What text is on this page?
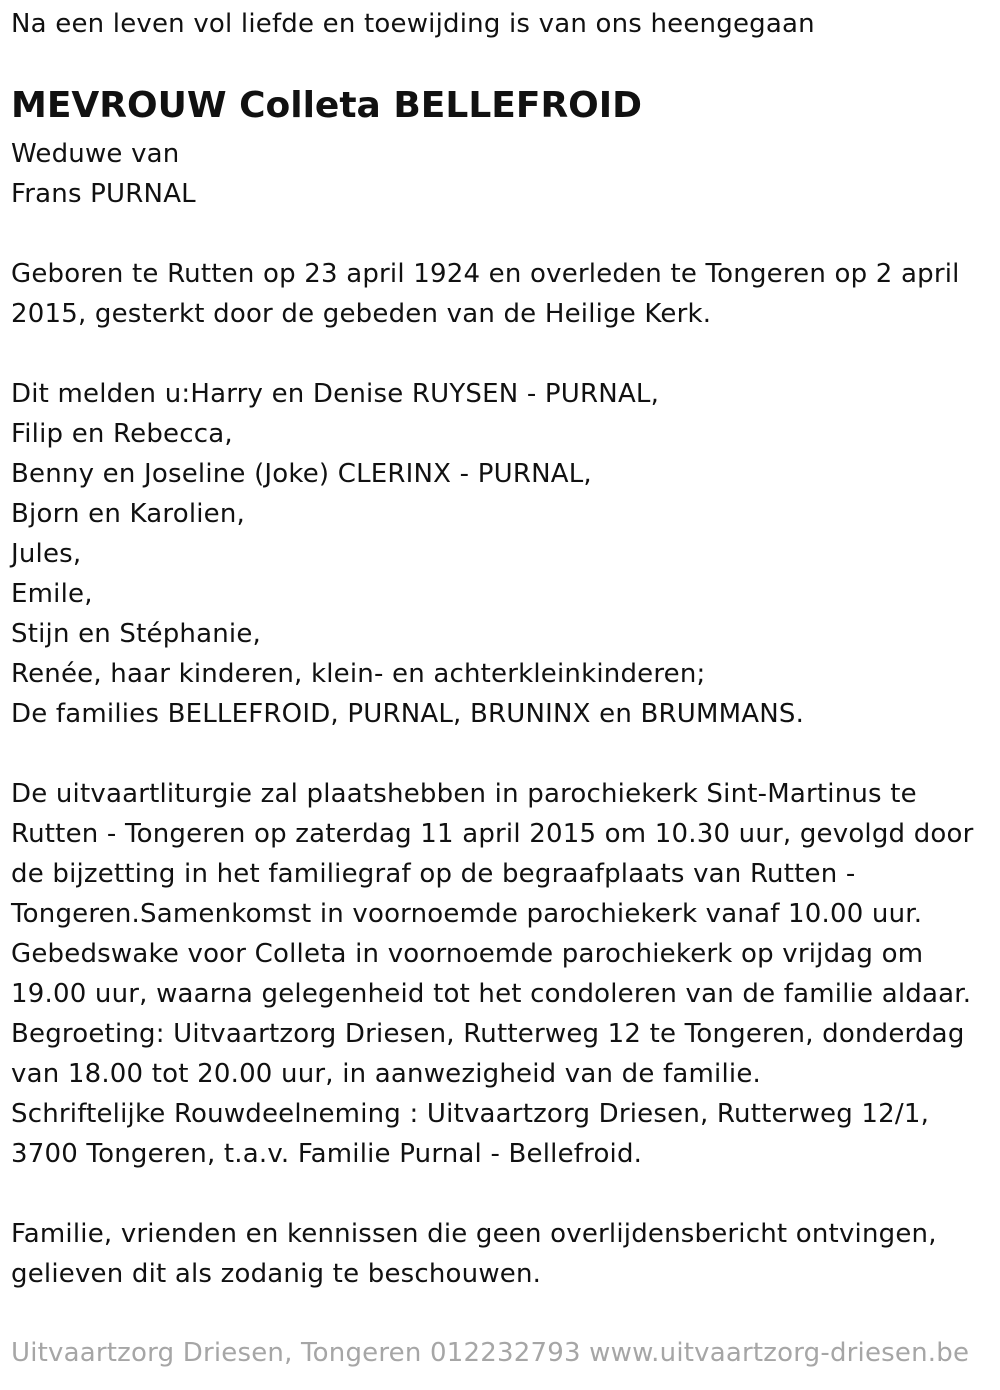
Na een leven vol liefde en toewijding is van ons heengegaan
MEVROUW Colleta BELLEFROID
Weduwe van
Frans PURNAL
Geboren te Rutten op 23 april 1924 en overleden te Tongeren op 2 april
2015, gesterkt door de gebeden van de Heilige Kerk.
Dit melden u:Harry en Denise RUYSEN - PURNAL,
Filip en Rebecca,
Benny en Joseline (Joke) CLERINX - PURNAL,
Bjorn en Karolien,
Jules,
Emile,
Stijn en Stéphanie,
Renée, haar kinderen, klein- en achterkleinkinderen;
De families BELLEFROID, PURNAL, BRUNINX en BRUMMANS.
De uitvaartliturgie zal plaatshebben in parochiekerk Sint-Martinus te
Rutten - Tongeren op zaterdag 11 april 2015 om 10.30 uur, gevolgd door
de bijzetting in het familiegraf op de begraafplaats van Rutten -
Tongeren.Samenkomst in voornoemde parochiekerk vanaf 10.00 uur.
Gebedswake voor Colleta in voornoemde parochiekerk op vrijdag om
19.00 uur, waarna gelegenheid tot het condoleren van de familie aldaar.
Begroeting: Uitvaartzorg Driesen, Rutterweg 12 te Tongeren, donderdag
van 18.00 tot 20.00 uur, in aanwezigheid van de familie.
Schriftelijke Rouwdeelneming : Uitvaartzorg Driesen, Rutterweg 12/1,
3700 Tongeren, t.a.v. Familie Purnal - Bellefroid.
Familie, vrienden en kennissen die geen overlijdensbericht ontvingen,
gelieven dit als zodanig te beschouwen.
Uitvaartzorg Driesen, Tongeren 012232793 www.uitvaartzorg-driesen.be
